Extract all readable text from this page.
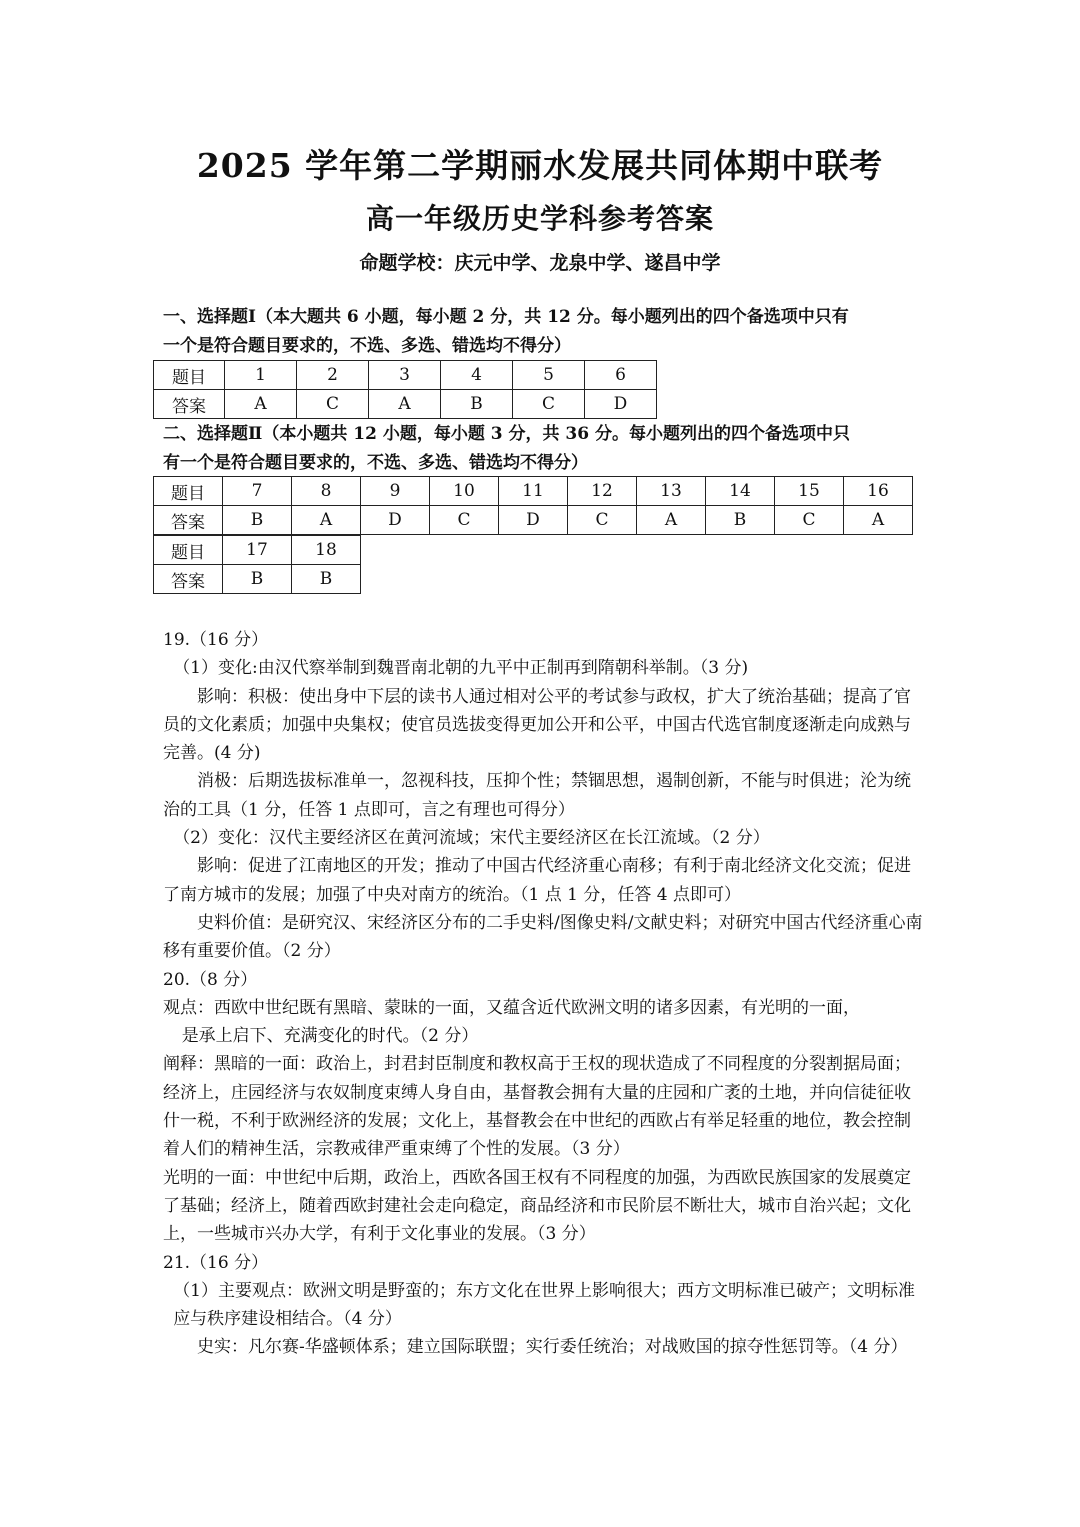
2025 学年第二学期丽水发展共同体期中联考
高一年级历史学科参考答案
命题学校：庆元中学、龙泉中学、遂昌中学
一、选择题Ⅰ（本大题共 6 小题，每小题 2 分，共 12 分。每小题列出的四个备选项中只有
一个是符合题目要求的，不选、多选、错选均不得分）
题目	1	2	3	4	5	6
答案	A	C	A	B	C	D
二、选择题Ⅱ（本小题共 12 小题，每小题 3 分，共 36 分。每小题列出的四个备选项中只
有一个是符合题目要求的，不选、多选、错选均不得分）
题目	7	8	9	10	11	12	13	14	15	16
答案	B	A	D	C	D	C	A	B	C	A
题目	17	18
答案	B	B

19.（16 分）

（1）变化:由汉代察举制到魏晋南北朝的九平中正制再到隋朝科举制。（3 分)

影响：积极：使出身中下层的读书人通过相对公平的考试参与政权，扩大了统治基础；提高了官员的文化素质；加强中央集权；使官员选拔变得更加公开和公平，中国古代选官制度逐渐走向成熟与完善。(4 分)

消极：后期选拔标准单一，忽视科技，压抑个性；禁锢思想，遏制创新，不能与时俱进；沦为统治的工具（1 分，任答 1 点即可，言之有理也可得分）

（2）变化：汉代主要经济区在黄河流域；宋代主要经济区在长江流域。（2 分）

影响：促进了江南地区的开发；推动了中国古代经济重心南移；有利于南北经济文化交流；促进了南方城市的发展；加强了中央对南方的统治。（1 点 1 分，任答 4 点即可）

史料价值：是研究汉、宋经济区分布的二手史料/图像史料/文献史料；对研究中国古代经济重心南移有重要价值。（2 分）

20.（8 分）

观点：西欧中世纪既有黑暗、蒙昧的一面，又蕴含近代欧洲文明的诸多因素，有光明的一面，

是承上启下、充满变化的时代。（2 分）

阐释：黑暗的一面：政治上，封君封臣制度和教权高于王权的现状造成了不同程度的分裂割据局面；经济上，庄园经济与农奴制度束缚人身自由，基督教会拥有大量的庄园和广袤的土地，并向信徒征收什一税，不利于欧洲经济的发展；文化上，基督教会在中世纪的西欧占有举足轻重的地位，教会控制着人们的精神生活，宗教戒律严重束缚了个性的发展。（3 分）

光明的一面：中世纪中后期，政治上，西欧各国王权有不同程度的加强，为西欧民族国家的发展奠定了基础；经济上，随着西欧封建社会走向稳定，商品经济和市民阶层不断壮大，城市自治兴起；文化上，一些城市兴办大学，有利于文化事业的发展。（3 分）

21.（16 分）

（1）主要观点：欧洲文明是野蛮的；东方文化在世界上影响很大；西方文明标准已破产；文明标准应与秩序建设相结合。（4 分）

史实：凡尔赛-华盛顿体系；建立国际联盟；实行委任统治；对战败国的掠夺性惩罚等。（4 分）
